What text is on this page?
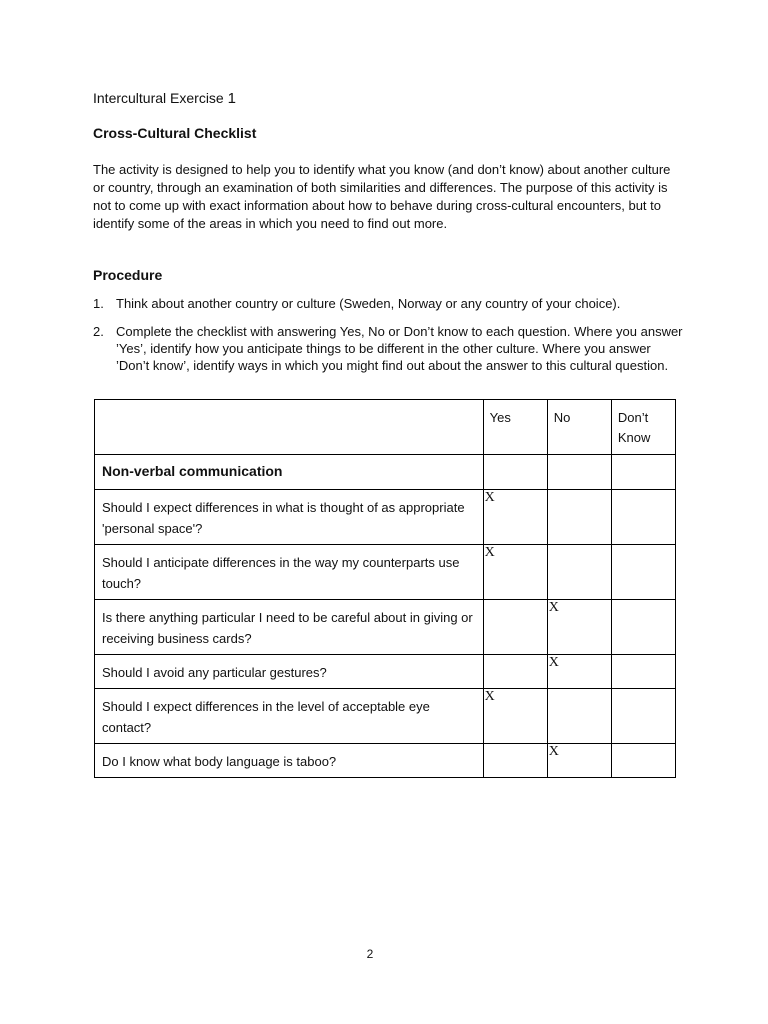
Intercultural Exercise 1
Cross-Cultural Checklist

The activity is designed to help you to identify what you know (and don’t know) about another culture or country, through an examination of both similarities and differences. The purpose of this activity is not to come up with exact information about how to behave during cross-cultural encounters, but to identify some of the areas in which you need to find out more.

Procedure
1. Think about another country or culture (Sweden, Norway or any country of your choice).
2. Complete the checklist with answering Yes, No or Don’t know to each question. Where you answer ’Yes’, identify how you anticipate things to be different in the other culture. Where you answer ’Don’t know’, identify ways in which you might find out about the answer to this cultural question.

	Yes	No	Don’t Know

Non-verbal communication			

Should I expect differences in what is thought of as appropriate 'personal space'?	X		

Should I anticipate differences in the way my counterparts use touch?	X		

Is there anything particular I need to be careful about in giving or receiving business cards?		X	

Should I avoid any particular gestures?		X	

Should I expect differences in the level of acceptable eye contact?	X		

Do I know what body language is taboo?		X	

2
